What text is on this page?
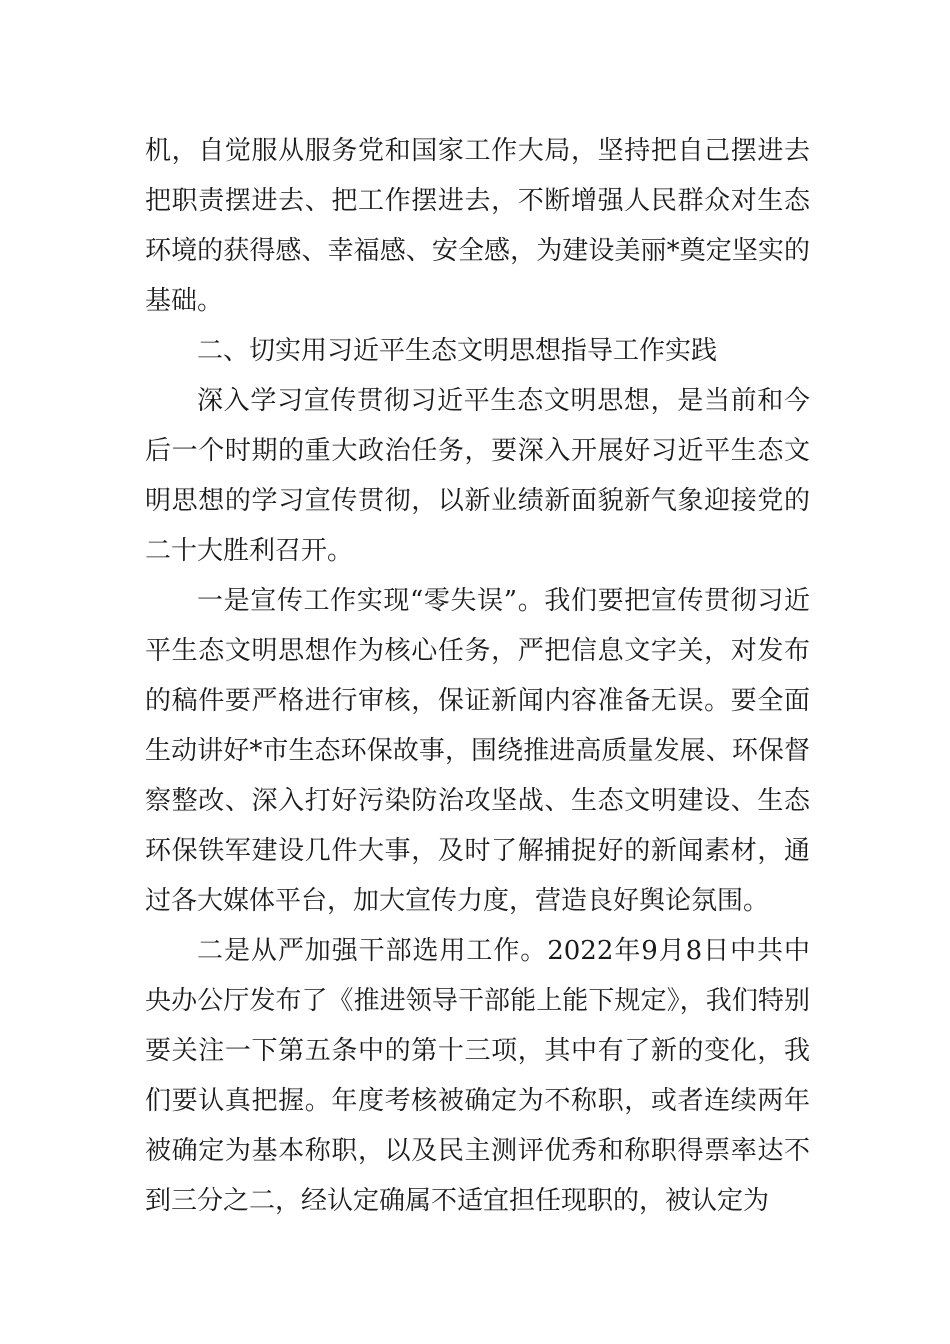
机，自觉服从服务党和国家工作大局，坚持把自己摆进去把职责摆进去、把工作摆进去，不断增强人民群众对生态环境的获得感、幸福感、安全感，为建设美丽*奠定坚实的基础。

二、切实用习近平生态文明思想指导工作实践

深入学习宣传贯彻习近平生态文明思想，是当前和今后一个时期的重大政治任务，要深入开展好习近平生态文明思想的学习宣传贯彻，以新业绩新面貌新气象迎接党的二十大胜利召开。

一是宣传工作实现“零失误”。我们要把宣传贯彻习近平生态文明思想作为核心任务，严把信息文字关，对发布的稿件要严格进行审核，保证新闻内容准备无误。要全面生动讲好*市生态环保故事，围绕推进高质量发展、环保督察整改、深入打好污染防治攻坚战、生态文明建设、生态环保铁军建设几件大事，及时了解捕捉好的新闻素材，通过各大媒体平台，加大宣传力度，营造良好舆论氛围。

二是从严加强干部选用工作。2022年9月8日中共中央办公厅发布了《推进领导干部能上能下规定》，我们特别要关注一下第五条中的第十三项，其中有了新的变化，我们要认真把握。年度考核被确定为不称职，或者连续两年被确定为基本称职，以及民主测评优秀和称职得票率达不到三分之二，经认定确属不适宜担任现职的，被认定为
